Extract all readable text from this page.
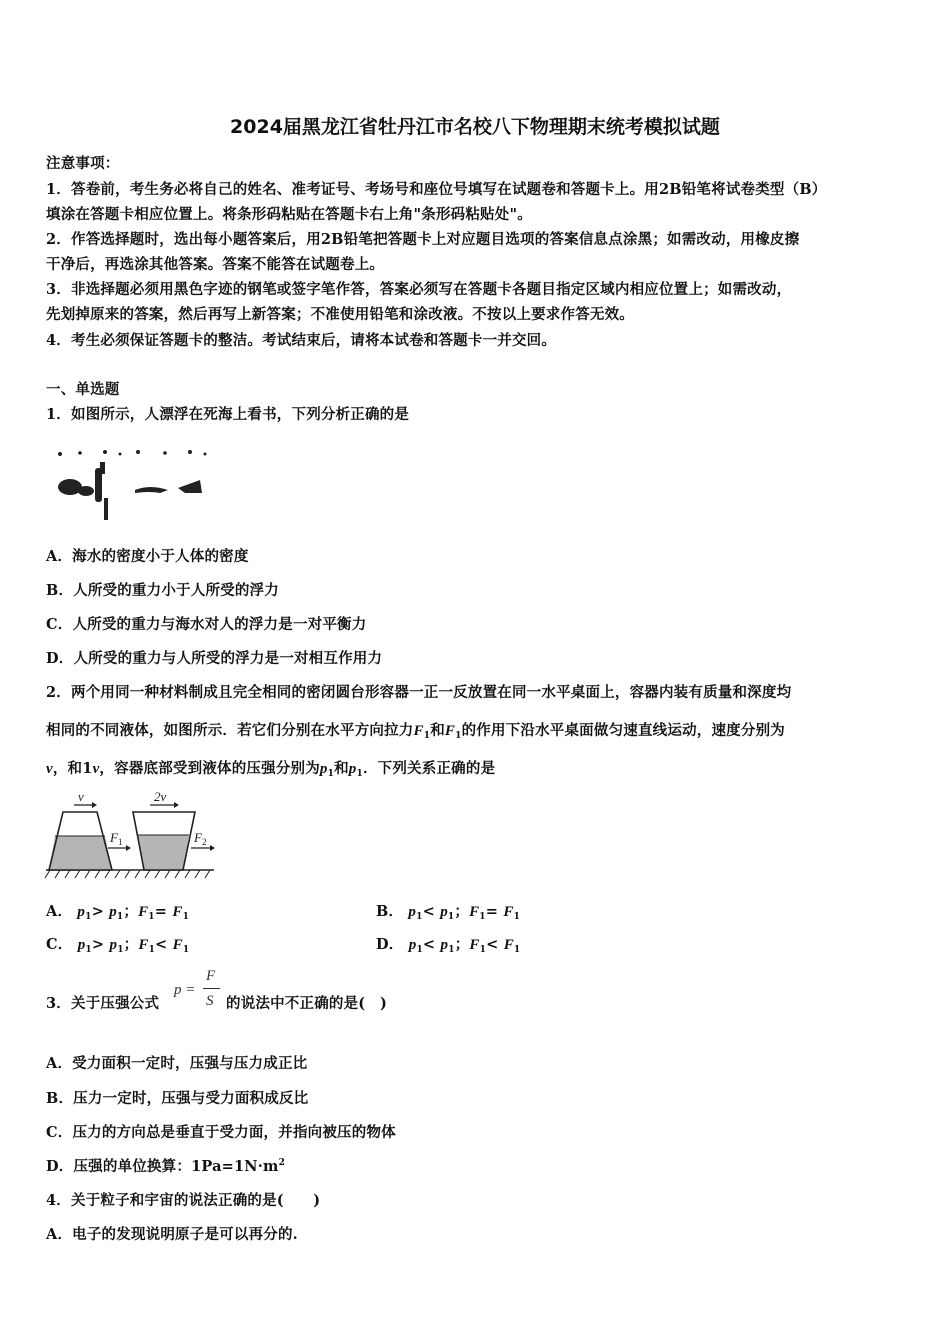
2024届黑龙江省牡丹江市名校八下物理期末统考模拟试题
注意事项：
1．答卷前，考生务必将自己的姓名、准考证号、考场号和座位号填写在试题卷和答题卡上。用2B铅笔将试卷类型（B）
填涂在答题卡相应位置上。将条形码粘贴在答题卡右上角"条形码粘贴处"。
2．作答选择题时，选出每小题答案后，用2B铅笔把答题卡上对应题目选项的答案信息点涂黑；如需改动，用橡皮擦
干净后，再选涂其他答案。答案不能答在试题卷上。
3．非选择题必须用黑色字迹的钢笔或签字笔作答，答案必须写在答题卡各题目指定区域内相应位置上；如需改动，
先划掉原来的答案，然后再写上新答案；不准使用铅笔和涂改液。不按以上要求作答无效。
4．考生必须保证答题卡的整洁。考试结束后，请将本试卷和答题卡一并交回。
一、单选题
1．如图所示，人漂浮在死海上看书，下列分析正确的是
A．海水的密度小于人体的密度
B．人所受的重力小于人所受的浮力
C．人所受的重力与海水对人的浮力是一对平衡力
D．人所受的重力与人所受的浮力是一对相互作用力
2．两个用同一种材料制成且完全相同的密闭圆台形容器一正一反放置在同一水平桌面上，容器内装有质量和深度均
相同的不同液体，如图所示．若它们分别在水平方向拉力$F_1$和$F_1$的作用下沿水平桌面做匀速直线运动，速度分别为
v，和1v，容器底部受到液体的压强分别为$p_1$和$p_1$．下列关系正确的是
v	2v
F 1	F 2
A． $p_1> p_1$；$F_1= F_1$	B． $p_1< p_1$；$F_1= F_1$
C． $p_1> p_1$；$F_1< F_1$	D． $p_1< p_1$；$F_1< F_1$
3．关于压强公式
p =
F
S 的说法中不正确的是(　)
A．受力面积一定时，压强与压力成正比
B．压力一定时，压强与受力面积成反比
C．压力的方向总是垂直于受力面，并指向被压的物体
D．压强的单位换算：$1Pa=1N\cdot m^2$
4．关于粒子和宇宙的说法正确的是(　　)
A．电子的发现说明原子是可以再分的.
